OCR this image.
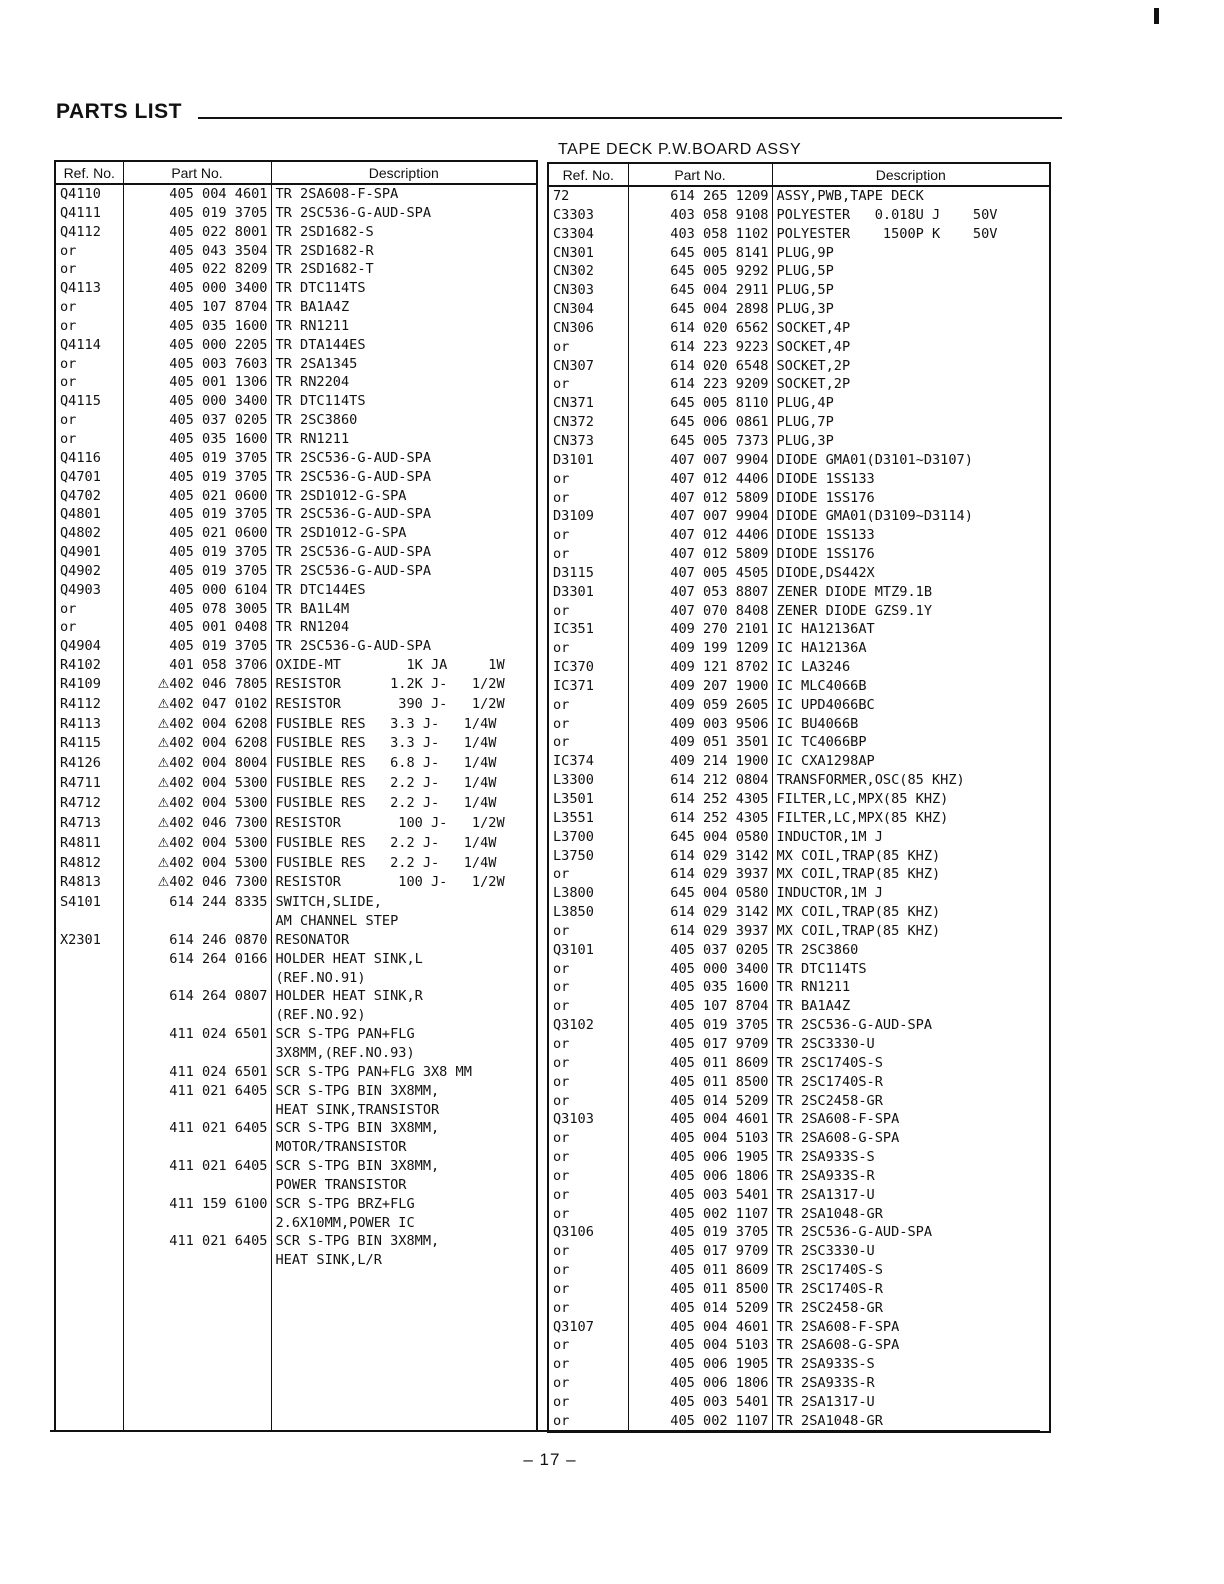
PARTS LIST
TAPE DECK P.W.BOARD ASSY
Ref. No.	Part No.	Description
Q4110	405 004 4601	TR 2SA608-F-SPA
Q4111	405 019 3705	TR 2SC536-G-AUD-SPA
Q4112	405 022 8001	TR 2SD1682-S
or	405 043 3504	TR 2SD1682-R
or	405 022 8209	TR 2SD1682-T
Q4113	405 000 3400	TR DTC114TS
or	405 107 8704	TR BA1A4Z
or	405 035 1600	TR RN1211
Q4114	405 000 2205	TR DTA144ES
or	405 003 7603	TR 2SA1345
or	405 001 1306	TR RN2204
Q4115	405 000 3400	TR DTC114TS
or	405 037 0205	TR 2SC3860
or	405 035 1600	TR RN1211
Q4116	405 019 3705	TR 2SC536-G-AUD-SPA
Q4701	405 019 3705	TR 2SC536-G-AUD-SPA
Q4702	405 021 0600	TR 2SD1012-G-SPA
Q4801	405 019 3705	TR 2SC536-G-AUD-SPA
Q4802	405 021 0600	TR 2SD1012-G-SPA
Q4901	405 019 3705	TR 2SC536-G-AUD-SPA
Q4902	405 019 3705	TR 2SC536-G-AUD-SPA
Q4903	405 000 6104	TR DTC144ES
or	405 078 3005	TR BA1L4M
or	405 001 0408	TR RN1204
Q4904	405 019 3705	TR 2SC536-G-AUD-SPA
R4102	401 058 3706	OXIDE-MT        1K JA     1W
R4109	⚠402 046 7805	RESISTOR      1.2K J-   1/2W
R4112	⚠402 047 0102	RESISTOR       390 J-   1/2W
R4113	⚠402 004 6208	FUSIBLE RES   3.3 J-   1/4W
R4115	⚠402 004 6208	FUSIBLE RES   3.3 J-   1/4W
R4126	⚠402 004 8004	FUSIBLE RES   6.8 J-   1/4W
R4711	⚠402 004 5300	FUSIBLE RES   2.2 J-   1/4W
R4712	⚠402 004 5300	FUSIBLE RES   2.2 J-   1/4W
R4713	⚠402 046 7300	RESISTOR       100 J-   1/2W
R4811	⚠402 004 5300	FUSIBLE RES   2.2 J-   1/4W
R4812	⚠402 004 5300	FUSIBLE RES   2.2 J-   1/4W
R4813	⚠402 046 7300	RESISTOR       100 J-   1/2W
S4101	614 244 8335	SWITCH,SLIDE,
		AM CHANNEL STEP
X2301	614 246 0870	RESONATOR
	614 264 0166	HOLDER HEAT SINK,L
		(REF.NO.91)
	614 264 0807	HOLDER HEAT SINK,R
		(REF.NO.92)
	411 024 6501	SCR S-TPG PAN+FLG
		3X8MM,(REF.NO.93)
	411 024 6501	SCR S-TPG PAN+FLG 3X8 MM
	411 021 6405	SCR S-TPG BIN 3X8MM,
		HEAT SINK,TRANSISTOR
	411 021 6405	SCR S-TPG BIN 3X8MM,
		MOTOR/TRANSISTOR
	411 021 6405	SCR S-TPG BIN 3X8MM,
		POWER TRANSISTOR
	411 159 6100	SCR S-TPG BRZ+FLG
		2.6X10MM,POWER IC
	411 021 6405	SCR S-TPG BIN 3X8MM,
		HEAT SINK,L/R

Ref. No.	Part No.	Description
72	614 265 1209	ASSY,PWB,TAPE DECK
C3303	403 058 9108	POLYESTER   0.018U J    50V
C3304	403 058 1102	POLYESTER    1500P K    50V
CN301	645 005 8141	PLUG,9P
CN302	645 005 9292	PLUG,5P
CN303	645 004 2911	PLUG,5P
CN304	645 004 2898	PLUG,3P
CN306	614 020 6562	SOCKET,4P
or	614 223 9223	SOCKET,4P
CN307	614 020 6548	SOCKET,2P
or	614 223 9209	SOCKET,2P
CN371	645 005 8110	PLUG,4P
CN372	645 006 0861	PLUG,7P
CN373	645 005 7373	PLUG,3P
D3101	407 007 9904	DIODE GMA01(D3101~D3107)
or	407 012 4406	DIODE 1SS133
or	407 012 5809	DIODE 1SS176
D3109	407 007 9904	DIODE GMA01(D3109~D3114)
or	407 012 4406	DIODE 1SS133
or	407 012 5809	DIODE 1SS176
D3115	407 005 4505	DIODE,DS442X
D3301	407 053 8807	ZENER DIODE MTZ9.1B
or	407 070 8408	ZENER DIODE GZS9.1Y
IC351	409 270 2101	IC HA12136AT
or	409 199 1209	IC HA12136A
IC370	409 121 8702	IC LA3246
IC371	409 207 1900	IC MLC4066B
or	409 059 2605	IC UPD4066BC
or	409 003 9506	IC BU4066B
or	409 051 3501	IC TC4066BP
IC374	409 214 1900	IC CXA1298AP
L3300	614 212 0804	TRANSFORMER,OSC(85 KHZ)
L3501	614 252 4305	FILTER,LC,MPX(85 KHZ)
L3551	614 252 4305	FILTER,LC,MPX(85 KHZ)
L3700	645 004 0580	INDUCTOR,1M J
L3750	614 029 3142	MX COIL,TRAP(85 KHZ)
or	614 029 3937	MX COIL,TRAP(85 KHZ)
L3800	645 004 0580	INDUCTOR,1M J
L3850	614 029 3142	MX COIL,TRAP(85 KHZ)
or	614 029 3937	MX COIL,TRAP(85 KHZ)
Q3101	405 037 0205	TR 2SC3860
or	405 000 3400	TR DTC114TS
or	405 035 1600	TR RN1211
or	405 107 8704	TR BA1A4Z
Q3102	405 019 3705	TR 2SC536-G-AUD-SPA
or	405 017 9709	TR 2SC3330-U
or	405 011 8609	TR 2SC1740S-S
or	405 011 8500	TR 2SC1740S-R
or	405 014 5209	TR 2SC2458-GR
Q3103	405 004 4601	TR 2SA608-F-SPA
or	405 004 5103	TR 2SA608-G-SPA
or	405 006 1905	TR 2SA933S-S
or	405 006 1806	TR 2SA933S-R
or	405 003 5401	TR 2SA1317-U
or	405 002 1107	TR 2SA1048-GR
Q3106	405 019 3705	TR 2SC536-G-AUD-SPA
or	405 017 9709	TR 2SC3330-U
or	405 011 8609	TR 2SC1740S-S
or	405 011 8500	TR 2SC1740S-R
or	405 014 5209	TR 2SC2458-GR
Q3107	405 004 4601	TR 2SA608-F-SPA
or	405 004 5103	TR 2SA608-G-SPA
or	405 006 1905	TR 2SA933S-S
or	405 006 1806	TR 2SA933S-R
or	405 003 5401	TR 2SA1317-U
or	405 002 1107	TR 2SA1048-GR
– 17 –
